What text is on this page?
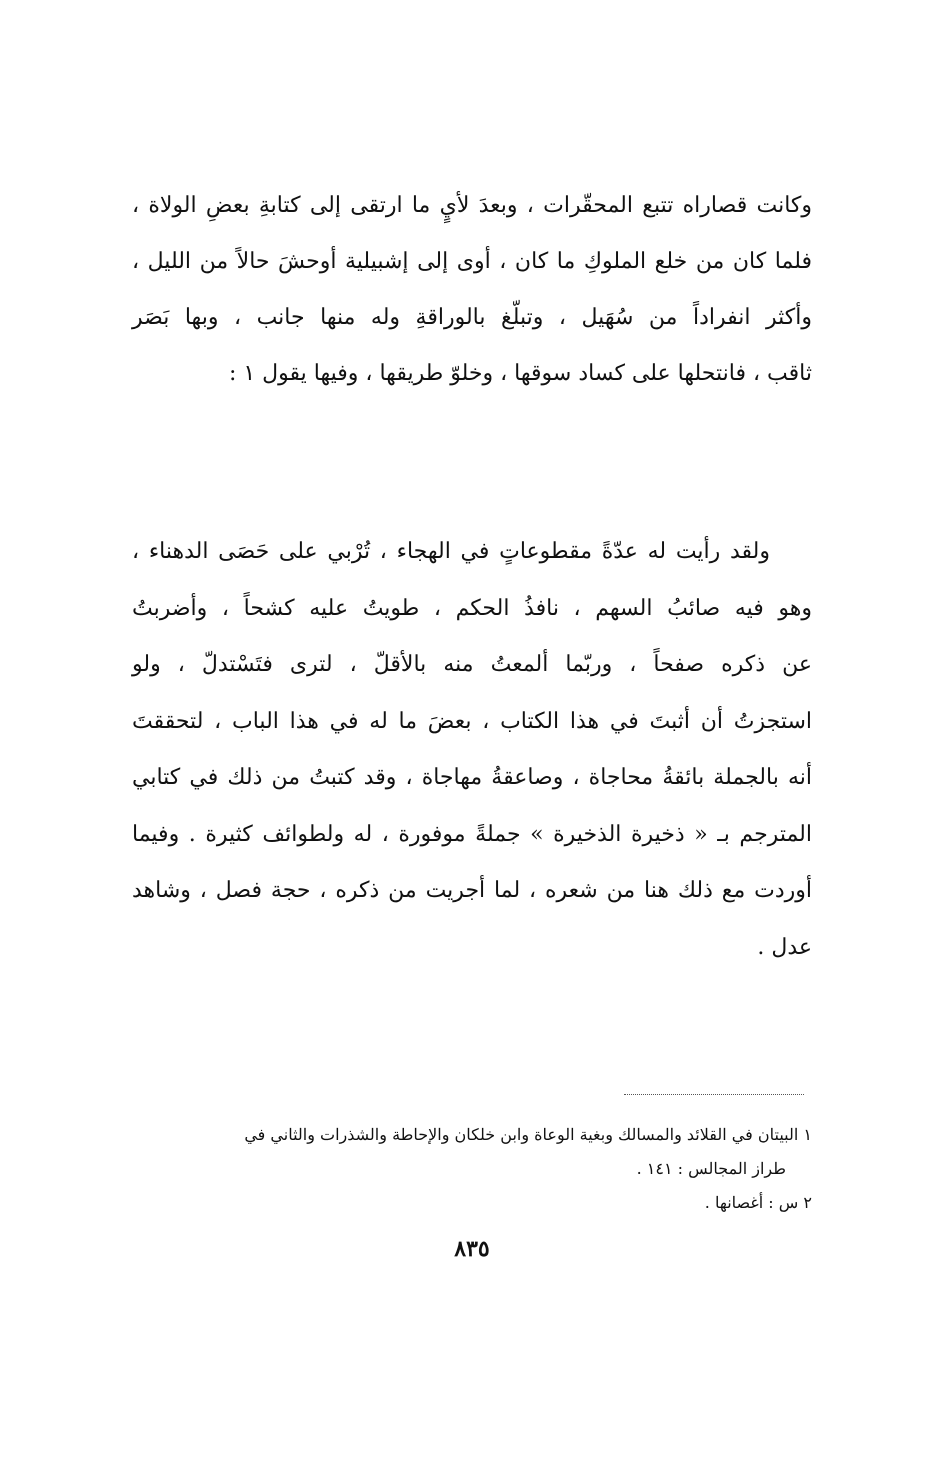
وكانت قصاراه تتبع المحقّرات ، وبعدَ لأيٍ ما ارتقى إلى كتابةِ بعضِ الولاة ،
فلما كان من خلع الملوكِ ما كان ، أوى إلى إشبيلية أوحشَ حالاً من الليل ،
وأكثر انفراداً من سُهَيل ، وتبلّغ بالوراقةِ وله منها جانب ، وبها بَصَر
ثاقب ، فانتحلها على كساد سوقها ، وخلوّ طريقها ، وفيها يقول ١ :
ولقد رأيت له عدّةً مقطوعاتٍ في الهجاء ، تُرْبي على حَصَى الدهناء ،
وهو فيه صائبُ السهم ، نافذُ الحكم ، طويتُ عليه كشحاً ، وأضربتُ
عن ذكره صفحاً ، وربّما ألمعتُ منه بالأقلّ ، لترى فتَسْتدلّ ، ولو
استجزتُ أن أثبتَ في هذا الكتاب ، بعضَ ما له في هذا الباب ، لتحققتَ
أنه بالجملة بائقةُ محاجاة ، وصاعقةُ مهاجاة ، وقد كتبتُ من ذلك في كتابي
المترجم بـ « ذخيرة الذخيرة » جملةً موفورة ، له ولطوائف كثيرة . وفيما
أوردت مع ذلك هنا من شعره ، لما أجريت من ذكره ، حجة فصل ، وشاهد
عدل .
١ البيتان في القلائد والمسالك وبغية الوعاة وابن خلكان والإحاطة والشذرات والثاني في
طراز المجالس : ١٤١ .
٢ س : أغصانها .
٨٣٥
